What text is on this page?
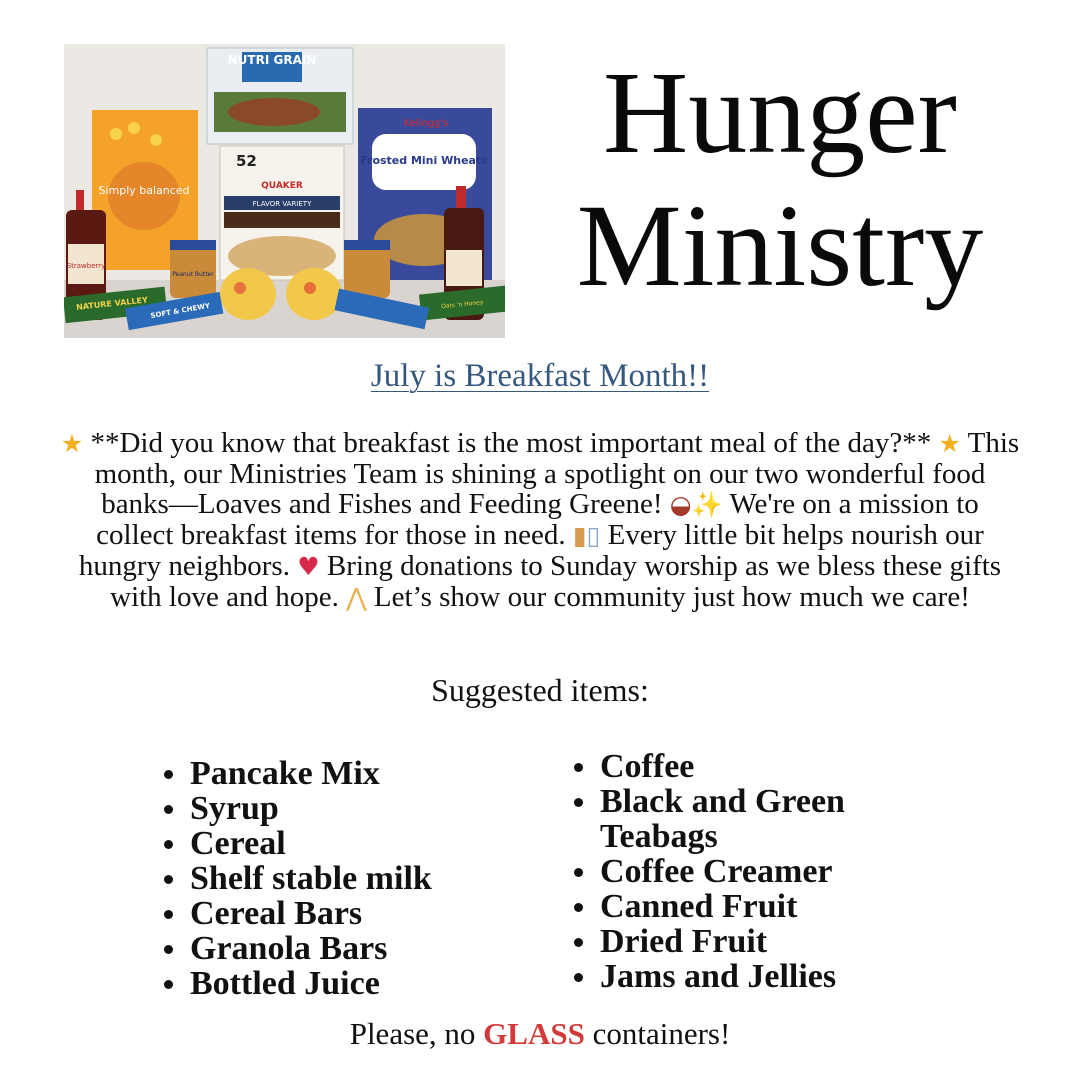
NUTRI GRAIN
Simply balanced
52
QUAKER
FLAVOR VARIETY
Kellogg's
Frosted Mini Wheats
Strawberry
Peanut Butter
NATURE VALLEY	Oats 'n Honey
SOFT & CHEWY
Hunger
Ministry
July is Breakfast Month!!

★ **Did you know that breakfast is the most important meal of the day?** ★ This month, our Ministries Team is shining a spotlight on our two wonderful food banks—Loaves and Fishes and Feeding Greene! ◒✨ We're on a mission to collect breakfast items for those in need. ▮▯ Every little bit helps nourish our hungry neighbors. ♥ Bring donations to Sunday worship as we bless these gifts with love and hope. ⋀ Let’s show our community just how much we care!

Suggested items:
Pancake Mix
Syrup
Cereal
Shelf stable milk
Cereal Bars
Granola Bars
Bottled Juice
Coffee
Black and Green Teabags
Coffee Creamer
Canned Fruit
Dried Fruit
Jams and Jellies
Please, no GLASS containers!
